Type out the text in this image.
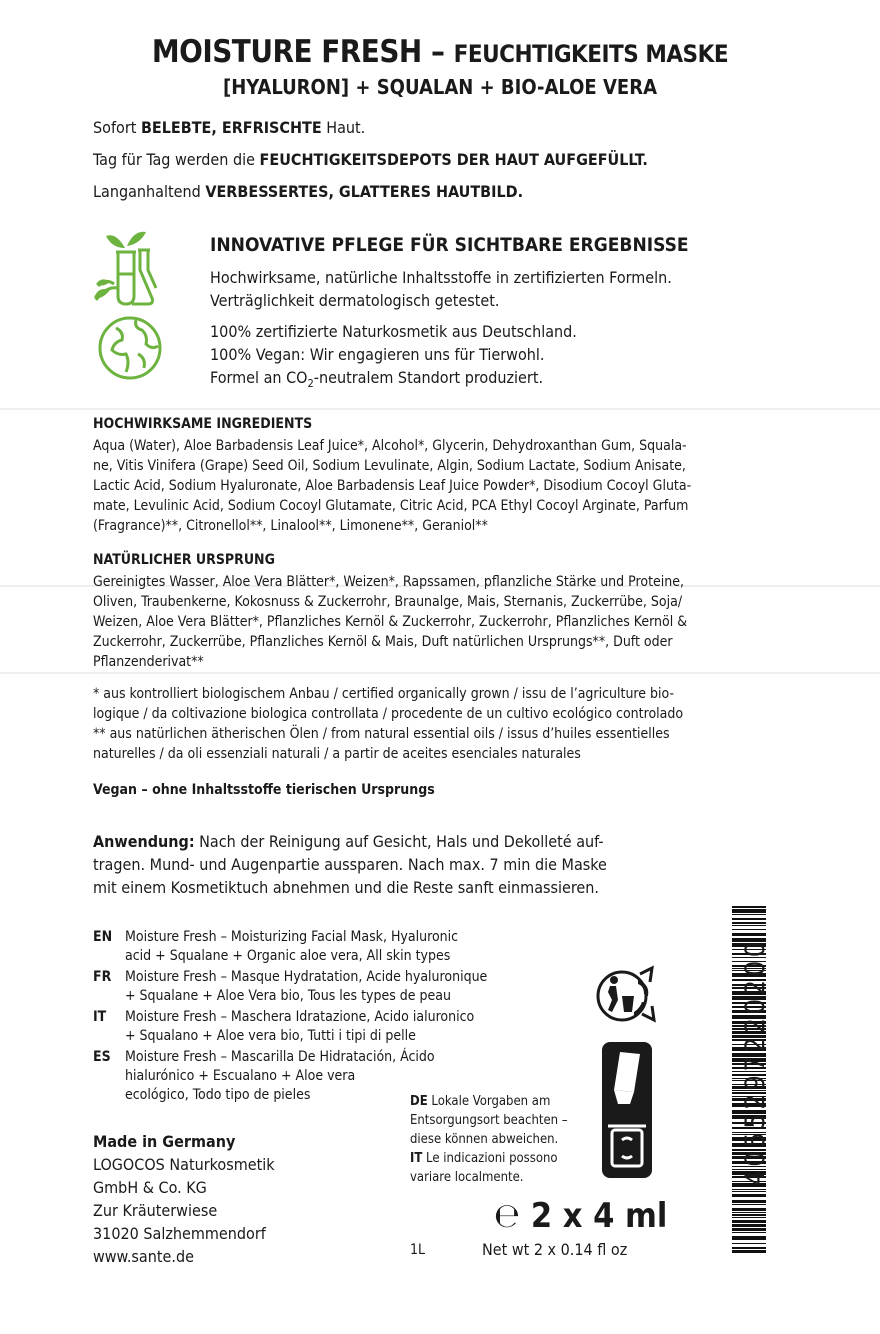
MOISTURE FRESH – FEUCHTIGKEITS MASKE
[HYALURON] + SQUALAN + BIO-ALOE VERA
Sofort BELEBTE, ERFRISCHTE Haut.
Tag für Tag werden die FEUCHTIGKEITSDEPOTS DER HAUT AUFGEFÜLLT.
Langanhaltend VERBESSERTES, GLATTERES HAUTBILD.
INNOVATIVE PFLEGE FÜR SICHTBARE ERGEBNISSE
Hochwirksame, natürliche Inhaltsstoffe in zertifizierten Formeln.
Verträglichkeit dermatologisch getestet.
100% zertifizierte Naturkosmetik aus Deutschland.
100% Vegan: Wir engagieren uns für Tierwohl.
Formel an $CO_2$-neutralem Standort produziert.
HOCHWIRKSAME INGREDIENTS
Aqua (Water), Aloe Barbadensis Leaf Juice*, Alcohol*, Glycerin, Dehydroxanthan Gum, Squala-
ne, Vitis Vinifera (Grape) Seed Oil, Sodium Levulinate, Algin, Sodium Lactate, Sodium Anisate,
Lactic Acid, Sodium Hyaluronate, Aloe Barbadensis Leaf Juice Powder*, Disodium Cocoyl Gluta-
mate, Levulinic Acid, Sodium Cocoyl Glutamate, Citric Acid, PCA Ethyl Cocoyl Arginate, Parfum
(Fragrance)**, Citronellol**, Linalool**, Limonene**, Geraniol**
NATÜRLICHER URSPRUNG
Gereinigtes Wasser, Aloe Vera Blätter*, Weizen*, Rapssamen, pflanzliche Stärke und Proteine,
Oliven, Traubenkerne, Kokosnuss & Zuckerrohr, Braunalge, Mais, Sternanis, Zuckerrübe, Soja/
Weizen, Aloe Vera Blätter*, Pflanzliches Kernöl & Zuckerrohr, Zuckerrohr, Pflanzliches Kernöl &
Zuckerrohr, Zuckerrübe, Pflanzliches Kernöl & Mais, Duft natürlichen Ursprungs**, Duft oder
Pflanzenderivat**
* aus kontrolliert biologischem Anbau / certified organically grown / issu de l’agriculture bio-
logique / da coltivazione biologica controllata / procedente de un cultivo ecológico controlado
** aus natürlichen ätherischen Ölen / from natural essential oils / issus d’huiles essentielles
naturelles / da oli essenziali naturali / a partir de aceites esenciales naturales
Vegan – ohne Inhaltsstoffe tierischen Ursprungs
Anwendung: Nach der Reinigung auf Gesicht, Hals und Dekolleté auf-
tragen. Mund- und Augenpartie aussparen. Nach max. 7 min die Maske
mit einem Kosmetiktuch abnehmen und die Reste sanft einmassieren.
EN Moisture Fresh – Moisturizing Facial Mask, Hyaluronic
acid + Squalane + Organic aloe vera, All skin types
FR Moisture Fresh – Masque Hydratation, Acide hyaluronique
+ Squalane + Aloe Vera bio, Tous les types de peau
IT Moisture Fresh – Maschera Idratazione, Acido ialuronico
+ Squalano + Aloe vera bio, Tutti i tipi di pelle
ES Moisture Fresh – Mascarilla De Hidratación, Ácido
hialurónico + Escualano + Aloe vera
ecológico, Todo tipo de pieles	DE Lokale Vorgaben am
Entsorgungsort beachten –
diese können abweichen.
IT Le indicazioni possono
variare localmente.
Made in Germany
LOGOCOS Naturkosmetik
GmbH & Co. KG
Zur Kräuterwiese
31020 Salzhemmendorf
www.sante.de	1L
℮ 2 x 4 ml
Net wt 2 x 0.14 fl oz
4055297220200
